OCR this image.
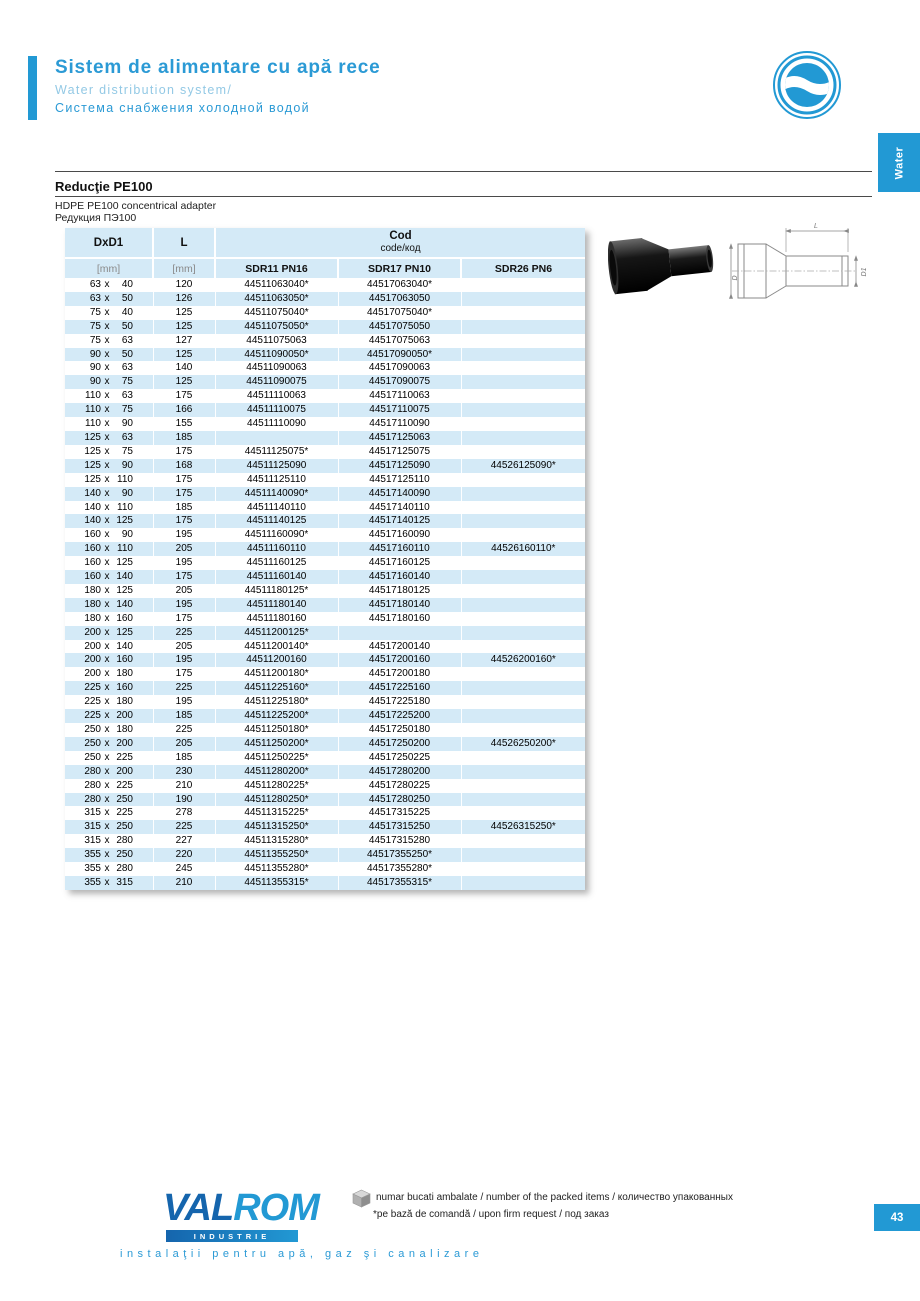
Sistem de alimentare cu apă rece
Water distribution system/
Система снабжения холодной водой
Water
Reducţie PE100
HDPE PE100 concentrical adapter
Редукция ПЭ100
DxD1	L	Cod
code/код		

[mm]	[mm]	SDR11 PN16	SDR17 PN10	SDR26 PN6
63 x 40	120	44511063040*	44517063040*	
63 x 50	126	44511063050*	44517063050	
75 x 40	125	44511075040*	44517075040*	
75 x 50	125	44511075050*	44517075050	
75 x 63	127	44511075063	44517075063	
90 x 50	125	44511090050*	44517090050*	
90 x 63	140	44511090063	44517090063	
90 x 75	125	44511090075	44517090075	
110 x 63	175	44511110063	44517110063	
110 x 75	166	44511110075	44517110075	
110 x 90	155	44511110090	44517110090	
125 x 63	185		44517125063	
125 x 75	175	44511125075*	44517125075	
125 x 90	168	44511125090	44517125090	44526125090*
125 x 110	175	44511125110	44517125110	
140 x 90	175	44511140090*	44517140090	
140 x 110	185	44511140110	44517140110	
140 x 125	175	44511140125	44517140125	
160 x 90	195	44511160090*	44517160090	
160 x 110	205	44511160110	44517160110	44526160110*
160 x 125	195	44511160125	44517160125	
160 x 140	175	44511160140	44517160140	
180 x 125	205	44511180125*	44517180125	
180 x 140	195	44511180140	44517180140	
180 x 160	175	44511180160	44517180160	
200 x 125	225	44511200125*		
200 x 140	205	44511200140*	44517200140	
200 x 160	195	44511200160	44517200160	44526200160*
200 x 180	175	44511200180*	44517200180	
225 x 160	225	44511225160*	44517225160	
225 x 180	195	44511225180*	44517225180	
225 x 200	185	44511225200*	44517225200	
250 x 180	225	44511250180*	44517250180	
250 x 200	205	44511250200*	44517250200	44526250200*
250 x 225	185	44511250225*	44517250225	
280 x 200	230	44511280200*	44517280200	
280 x 225	210	44511280225*	44517280225	
280 x 250	190	44511280250*	44517280250	
315 x 225	278	44511315225*	44517315225	
315 x 250	225	44511315250*	44517315250	44526315250*
315 x 280	227	44511315280*	44517315280	
355 x 250	220	44511355250*	44517355250*	
355 x 280	245	44511355280*	44517355280*	
355 x 315	210	44511355315*	44517355315*	
L
D
D1
VALROM
INDUSTRIE
instalaţii pentru apă, gaz şi canalizare
numar bucati ambalate / number of the packed items / количество упакованных
*pe bază de comandă / upon firm request / под заказ	43
